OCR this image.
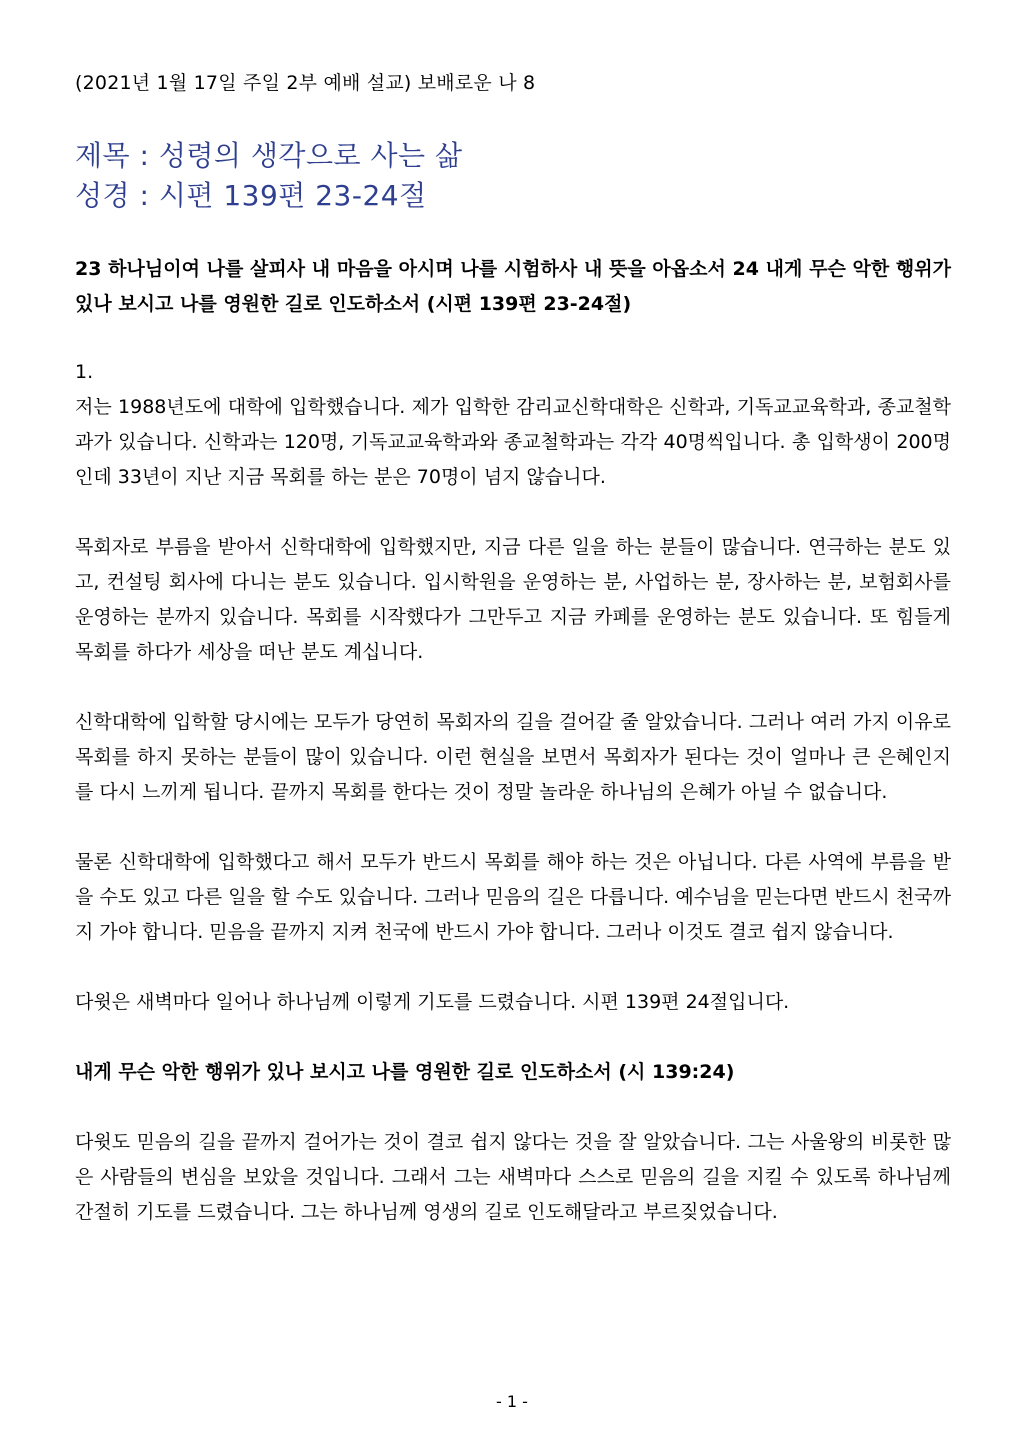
(2021년 1월 17일 주일 2부 예배 설교) 보배로운 나 8

제목 : 성령의 생각으로 사는 삶

성경 : 시편 139편 23-24절

23 하나님이여 나를 살피사 내 마음을 아시며 나를 시험하사 내 뜻을 아옵소서 24 내게 무슨 악한 행위가 있나 보시고 나를 영원한 길로 인도하소서 (시편 139편 23-24절)

1.

저는 1988년도에 대학에 입학했습니다. 제가 입학한 감리교신학대학은 신학과, 기독교교육학과, 종교철학과가 있습니다. 신학과는 120명, 기독교교육학과와 종교철학과는 각각 40명씩입니다. 총 입학생이 200명인데 33년이 지난 지금 목회를 하는 분은 70명이 넘지 않습니다.

목회자로 부름을 받아서 신학대학에 입학했지만, 지금 다른 일을 하는 분들이 많습니다. 연극하는 분도 있고, 컨설팅 회사에 다니는 분도 있습니다. 입시학원을 운영하는 분, 사업하는 분, 장사하는 분, 보험회사를 운영하는 분까지 있습니다. 목회를 시작했다가 그만두고 지금 카페를 운영하는 분도 있습니다. 또 힘들게 목회를 하다가 세상을 떠난 분도 계십니다.

신학대학에 입학할 당시에는 모두가 당연히 목회자의 길을 걸어갈 줄 알았습니다. 그러나 여러 가지 이유로 목회를 하지 못하는 분들이 많이 있습니다. 이런 현실을 보면서 목회자가 된다는 것이 얼마나 큰 은혜인지를 다시 느끼게 됩니다. 끝까지 목회를 한다는 것이 정말 놀라운 하나님의 은혜가 아닐 수 없습니다.

물론 신학대학에 입학했다고 해서 모두가 반드시 목회를 해야 하는 것은 아닙니다. 다른 사역에 부름을 받을 수도 있고 다른 일을 할 수도 있습니다. 그러나 믿음의 길은 다릅니다. 예수님을 믿는다면 반드시 천국까지 가야 합니다. 믿음을 끝까지 지켜 천국에 반드시 가야 합니다. 그러나 이것도 결코 쉽지 않습니다.

다윗은 새벽마다 일어나 하나님께 이렇게 기도를 드렸습니다. 시편 139편 24절입니다.

내게 무슨 악한 행위가 있나 보시고 나를 영원한 길로 인도하소서 (시 139:24)

다윗도 믿음의 길을 끝까지 걸어가는 것이 결코 쉽지 않다는 것을 잘 알았습니다. 그는 사울왕의 비롯한 많은 사람들의 변심을 보았을 것입니다. 그래서 그는 새벽마다 스스로 믿음의 길을 지킬 수 있도록 하나님께 간절히 기도를 드렸습니다. 그는 하나님께 영생의 길로 인도해달라고 부르짖었습니다.

- 1 -
